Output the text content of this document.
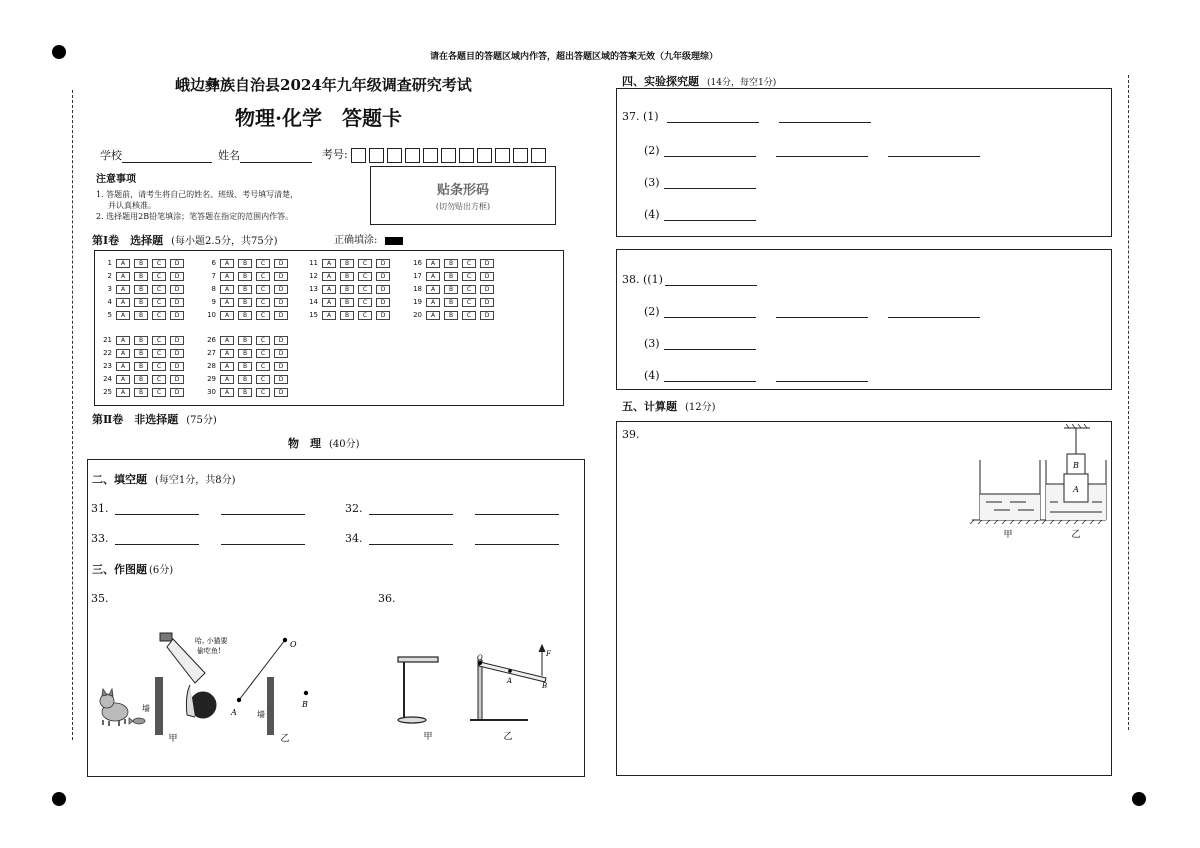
请在各题目的答题区域内作答，超出答题区域的答案无效（九年级理综）
峨边彝族自治县2024年九年级调查研究考试
物理·化学　答题卡
学校	姓名	考号:
注意事项
1. 答题前，请考生将自己的姓名、班级、考号填写清楚，
并认真核准。
2. 选择题用2B铅笔填涂；笔答题在指定的范围内作答。
贴条形码
(切勿贴出方框)
第Ⅰ卷　选择题 (每小题2.5分，共75分)	正确填涂:
1	A	B	C	D
2	A	B	C	D
3	A	B	C	D
4	A	B	C	D
5	A	B	C	D
6	A	B	C	D
7	A	B	C	D
8	A	B	C	D
9	A	B	C	D
10	A	B	C	D
11	A	B	C	D
12	A	B	C	D
13	A	B	C	D
14	A	B	C	D
15	A	B	C	D
16	A	B	C	D
17	A	B	C	D
18	A	B	C	D
19	A	B	C	D
20	A	B	C	D
21	A	B	C	D
22	A	B	C	D
23	A	B	C	D
24	A	B	C	D
25	A	B	C	D
26	A	B	C	D
27	A	B	C	D
28	A	B	C	D
29	A	B	C	D
30	A	B	C	D
第Ⅱ卷　非选择题 (75分)
物　理 (40分)
二、填空题 (每空1分，共8分)
31.	32.
33.	34.
三、作图题 (6分)
35.	36.
墙
哈, 小猫要
偷吃鱼!
甲
A
O
墙
B
乙	甲
O
A
B
F
乙
四、实验探究题 (14分，每空1分)
37. (1)
(2)
(3)
(4)
38. ((1)
(2)
(3)
(4)
五、计算题 (12分)
39.
B
A
甲	乙
